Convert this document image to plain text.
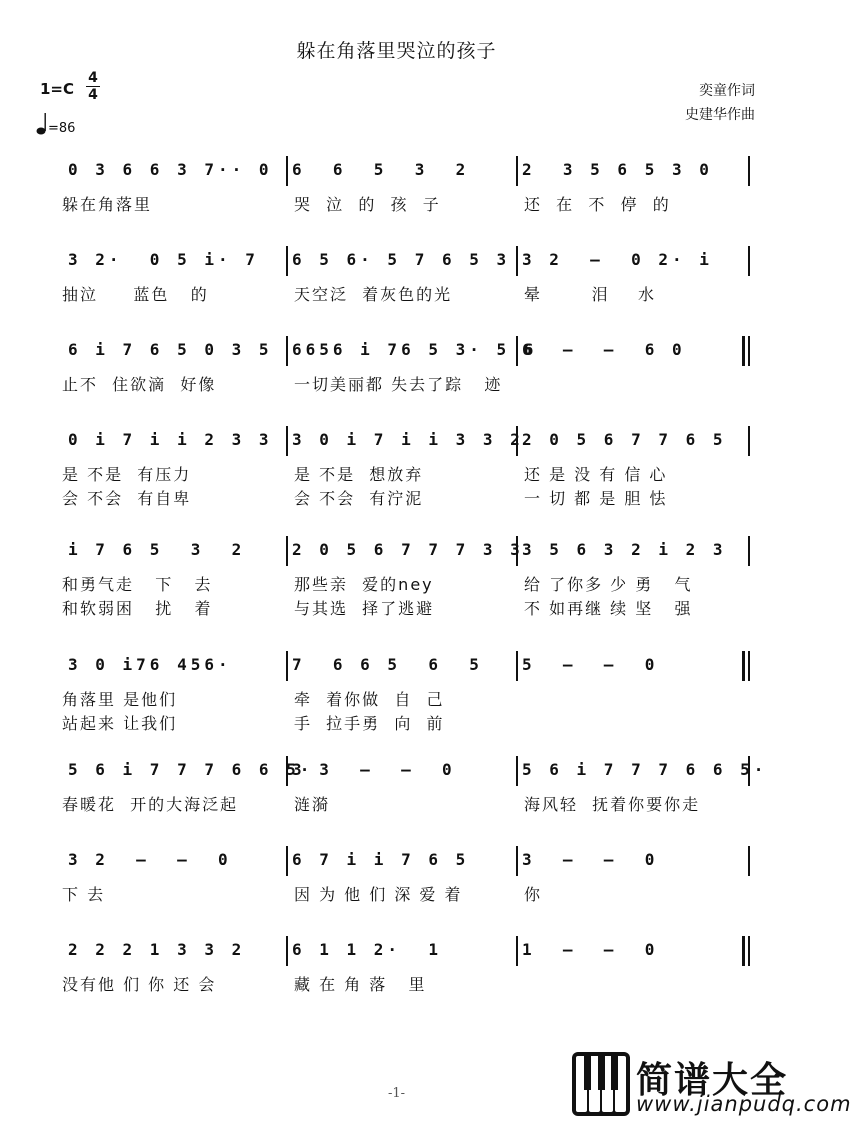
躲在角落里哭泣的孩子
1=C
4
4
=86
奕童作词
史建华作曲
0 3 6 6 3 7·· 0 6  6  5  3  2	2  3 5 6 5 3 0
躲在角落里	哭  泣  的  孩  子	还  在  不  停  的
3 2·  0 5 i· 7 6 5 6· 5 7 6 5 3 3 2  –  0 2· i
抽泣     蓝色   的	天空泛  着灰色的光	晕       泪    水
6 i 7 6 5 0 3 5 6656 i 76 5 3· 5 6
6  –  –  6 0
止不  住欲滴  好像	一切美丽都 失去了踪   迹
0 i 7 i i 2 3 3 3 0 i 7 i i 3 3 2
2 0 5 6 7 7 6 5
是 不是  有压力	是 不是  想放弃	还 是 没 有 信 心
会 不会  有自卑	会 不会  有泞泥	一 切 都 是 胆 怯
i 7 6 5  3  2	2 0 5 6 7 7 7 3 3
3 5 6 3 2 i 2 3
和勇气走   下   去	那些亲  爱的ney	给 了你多 少 勇   气
和软弱困   扰   着	与其选  择了逃避	不 如再继 续 坚   强
3 0 i76 456·	7  6 6 5  6  5 5  –  –  0
角落里 是他们	牵  着你做  自  己
站起来 让我们	手  拉手勇  向  前
5 6 i 7 7 7 6 6 5·
3 3  –  –  0	5 6 i 7 7 7 6 6 5·
春暖花  开的大海泛起	涟漪	海风轻  抚着你要你走
3 2  –  –  0	6 7 i i 7 6 5	3  –  –  0
下 去	因 为 他 们 深 爱 着	你
2 2 2 1 3 3 2	6 1 1 2·  1	1  –  –  0
没有他 们 你 还 会	藏 在 角 落   里
简谱大全
www.jianpudq.com
-1-
